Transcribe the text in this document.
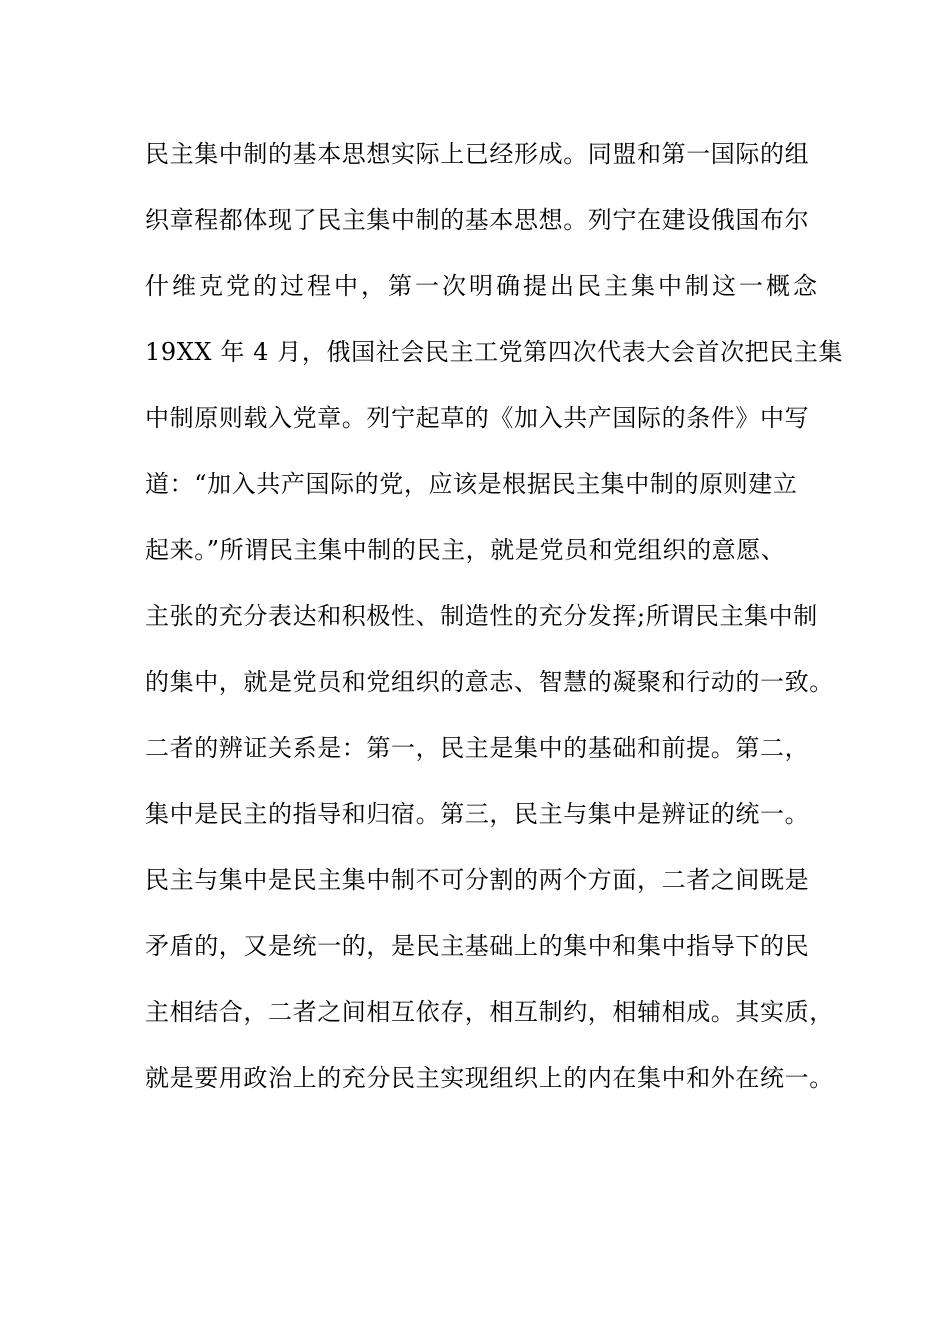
民主集中制的基本思想实际上已经形成。同盟和第一国际的组
织章程都体现了民主集中制的基本思想。列宁在建设俄国布尔
什维克党的过程中，第一次明确提出民主集中制这一概念
19XX 年 4 月，俄国社会民主工党第四次代表大会首次把民主集
中制原则载入党章。列宁起草的《加入共产国际的条件》中写
道：“加入共产国际的党，应该是根据民主集中制的原则建立
起来。”所谓民主集中制的民主，就是党员和党组织的意愿、
主张的充分表达和积极性、制造性的充分发挥;所谓民主集中制
的集中，就是党员和党组织的意志、智慧的凝聚和行动的一致。
二者的辨证关系是：第一，民主是集中的基础和前提。第二，
集中是民主的指导和归宿。第三，民主与集中是辨证的统一。
民主与集中是民主集中制不可分割的两个方面，二者之间既是
矛盾的，又是统一的，是民主基础上的集中和集中指导下的民
主相结合，二者之间相互依存，相互制约，相辅相成。其实质，
就是要用政治上的充分民主实现组织上的内在集中和外在统一。
